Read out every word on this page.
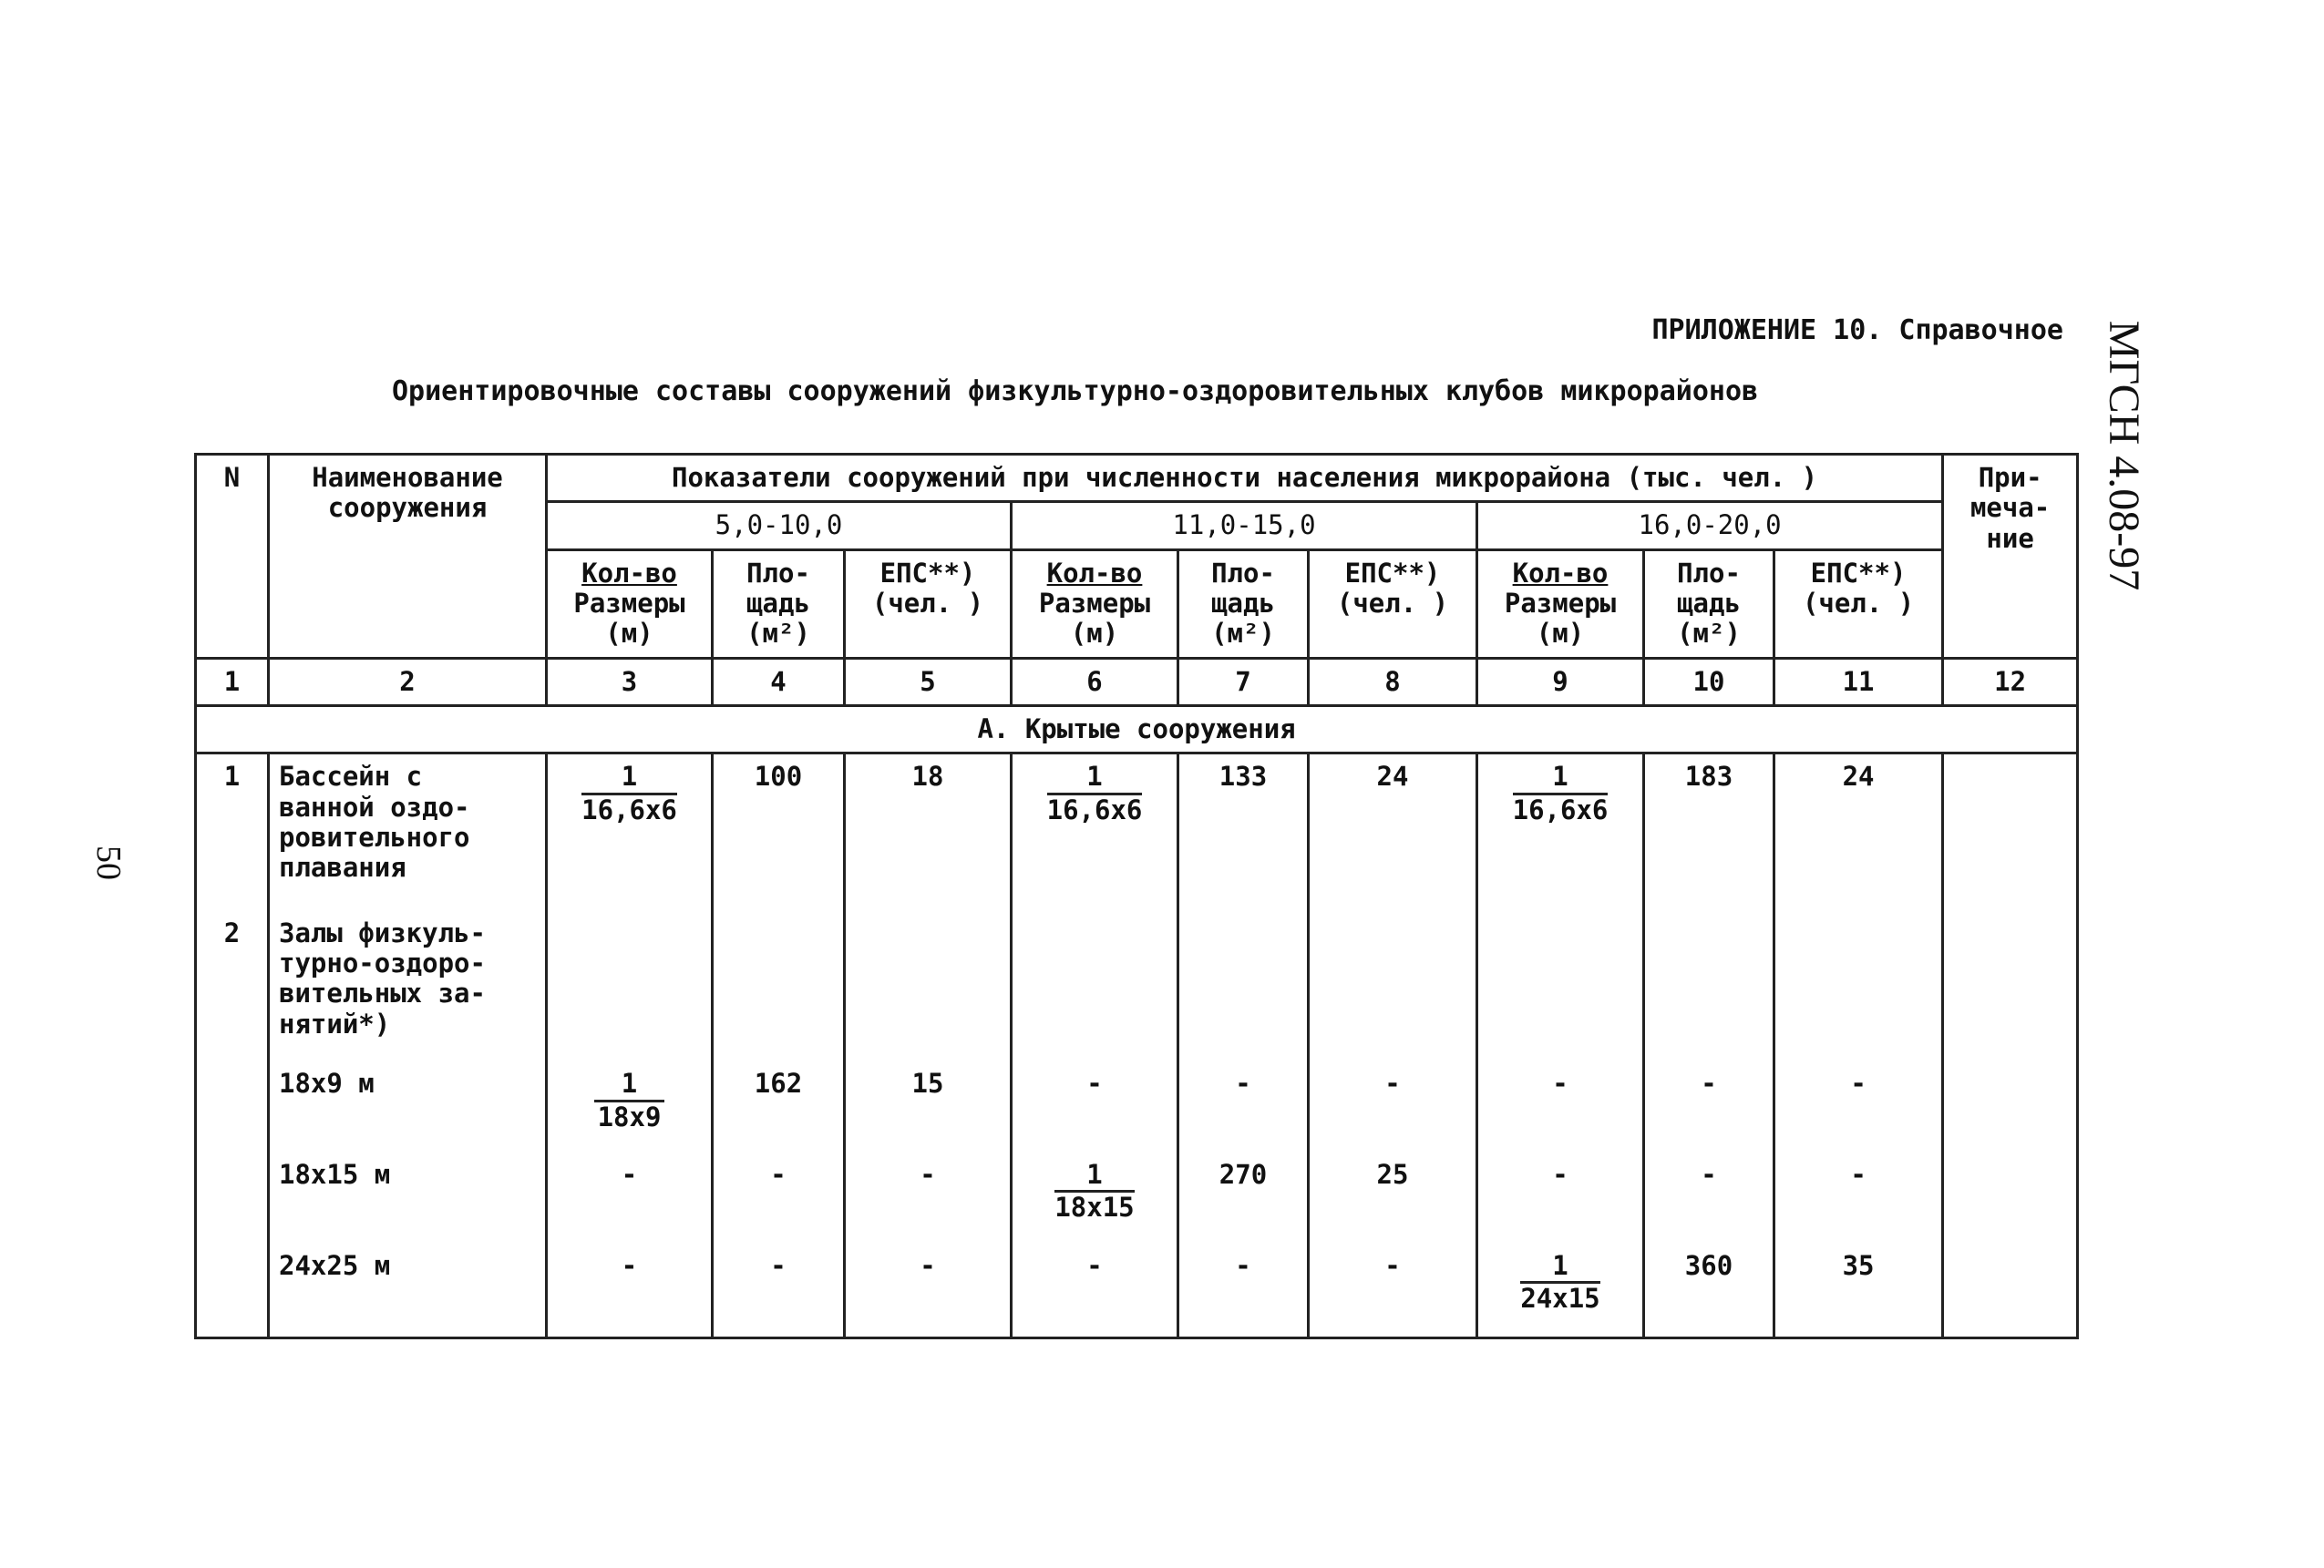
ПРИЛОЖЕНИЕ 10. Справочное
Ориентировочные составы сооружений физкультурно-оздоровительных клубов микрорайонов	МГСН 4.08-97
50
N	Наименование сооружения	Показатели сооружений при численности населения микрорайона (тыс. чел. )									При-
меча-
ние
		5,0-10,0			11,0-15,0			16,0-20,0			
		Кол-во
Размеры
(м)	Пло-
щадь
(м²)	ЕПС**)
(чел. )	Кол-во
Размеры
(м)	Пло-
щадь
(м²)	ЕПС**)
(чел. )	Кол-во
Размеры
(м)	Пло-
щадь
(м²)	ЕПС**)
(чел. )	
1	2	3	4	5	6	7	8	9	10	11	12
А. Крытые сооружения											
1	Бассейн с
ванной оздо-
ровительного
плавания	$\frac{1}{16,6х6}$	100	18	$\frac{1}{16,6х6}$	133	24	$\frac{1}{16,6х6}$	183	24	
2	Залы физкуль-
турно-оздоро-
вительных за-
нятий*)										
	18х9 м	$\frac{1}{18х9}$	162	15	-	-	-	-	-	-	
	18х15 м	-	-	-	$\frac{1}{18х15}$	270	25	-	-	-	
	24х25 м	-	-	-	-	-	-	$\frac{1}{24х15}$	360	35	
